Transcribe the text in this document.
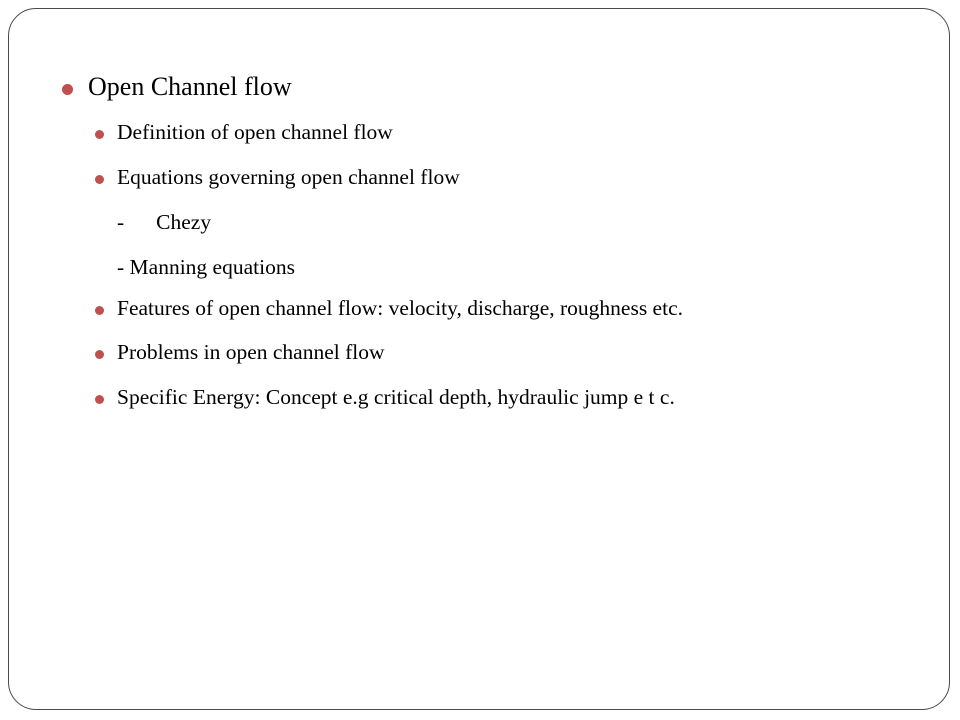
Open Channel flow
Definition of open channel flow
Equations governing open channel flow
- Chezy
- Manning equations
Features of open channel flow: velocity, discharge, roughness etc.
Problems in open channel flow
Specific Energy: Concept e.g critical depth, hydraulic jump e t c.
